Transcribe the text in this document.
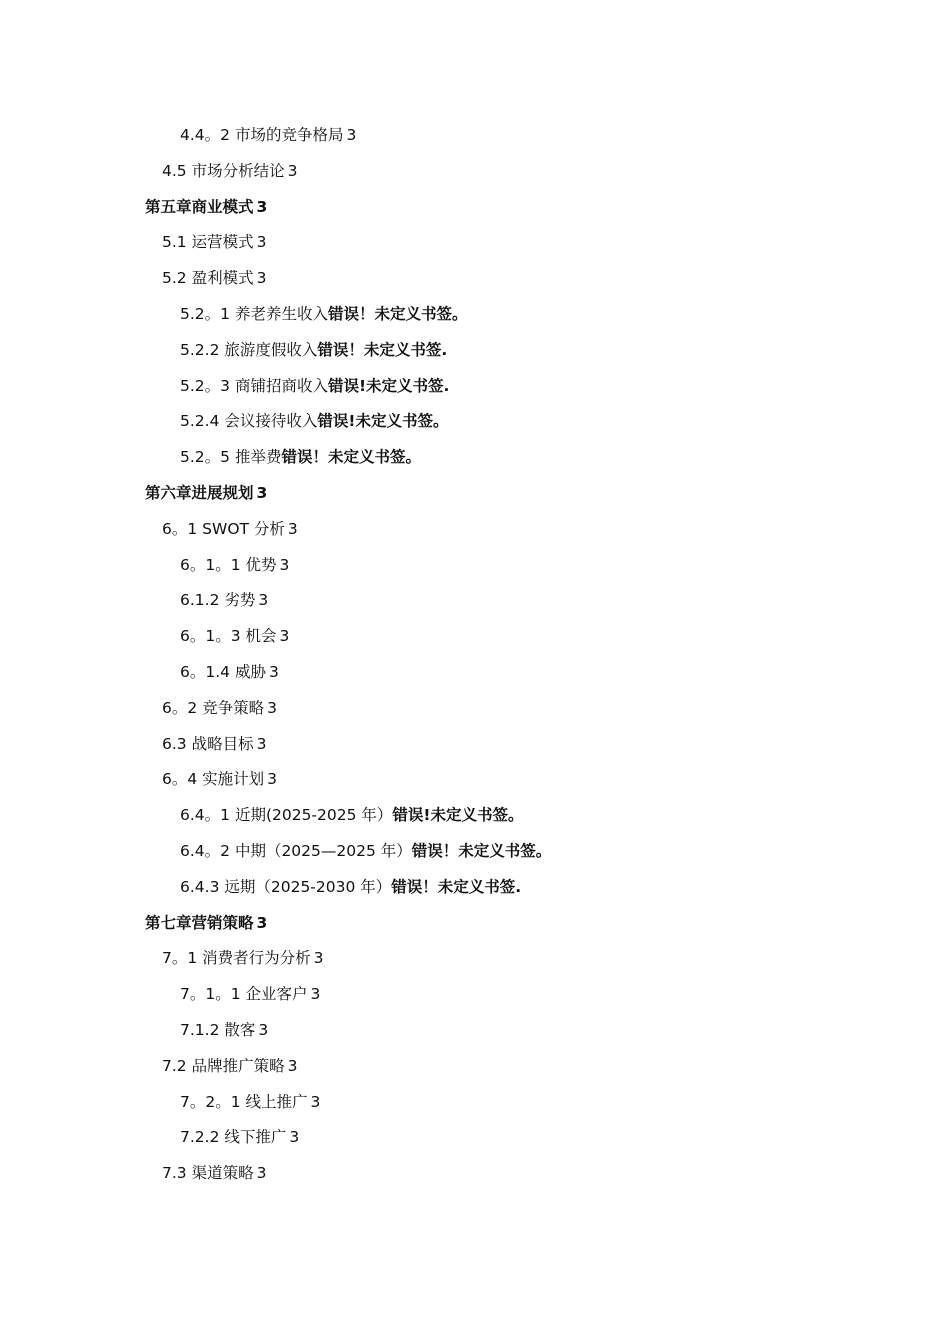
4.4。2 市场的竞争格局 3
4.5 市场分析结论 3
第五章商业模式 3
5.1 运营模式 3
5.2 盈利模式 3
5.2。1 养老养生收入错误！未定义书签。
5.2.2 旅游度假收入错误！未定义书签.
5.2。3 商铺招商收入错误!未定义书签.
5.2.4 会议接待收入错误!未定义书签。
5.2。5 推举费错误！未定义书签。
第六章进展规划 3
6。1 SWOT 分析 3
6。1。1 优势 3
6.1.2 劣势 3
6。1。3 机会 3
6。1.4 威胁 3
6。2 竞争策略 3
6.3 战略目标 3
6。4 实施计划 3
6.4。1 近期(2025-2025 年）错误!未定义书签。
6.4。2 中期（2025—2025 年）错误！未定义书签。
6.4.3 远期（2025-2030 年）错误！未定义书签.
第七章营销策略 3
7。1 消费者行为分析 3
7。1。1 企业客户 3
7.1.2 散客 3
7.2 品牌推广策略 3
7。2。1 线上推广 3
7.2.2 线下推广 3
7.3 渠道策略 3
